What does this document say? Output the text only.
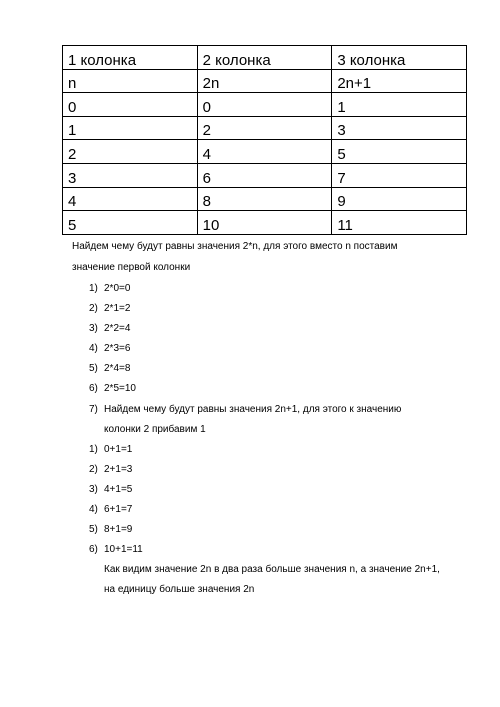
1 колонка	2 колонка	3 колонка
n	2n	2n+1
0	0	1
1	2	3
2	4	5
3	6	7
4	8	9
5	10	11
Найдем чему будут равны значения 2*n, для этого вместо n поставим
значение первой колонки
1) 2*0=0
2) 2*1=2
3) 2*2=4
4) 2*3=6
5) 2*4=8
6) 2*5=10
7) Найдем чему будут равны значения 2n+1, для этого к значению
колонки 2 прибавим 1
1) 0+1=1
2) 2+1=3
3) 4+1=5
4) 6+1=7
5) 8+1=9
6) 10+1=11
Как видим значение 2n в два раза больше значения n, а значение 2n+1,
на единицу больше значения 2n
